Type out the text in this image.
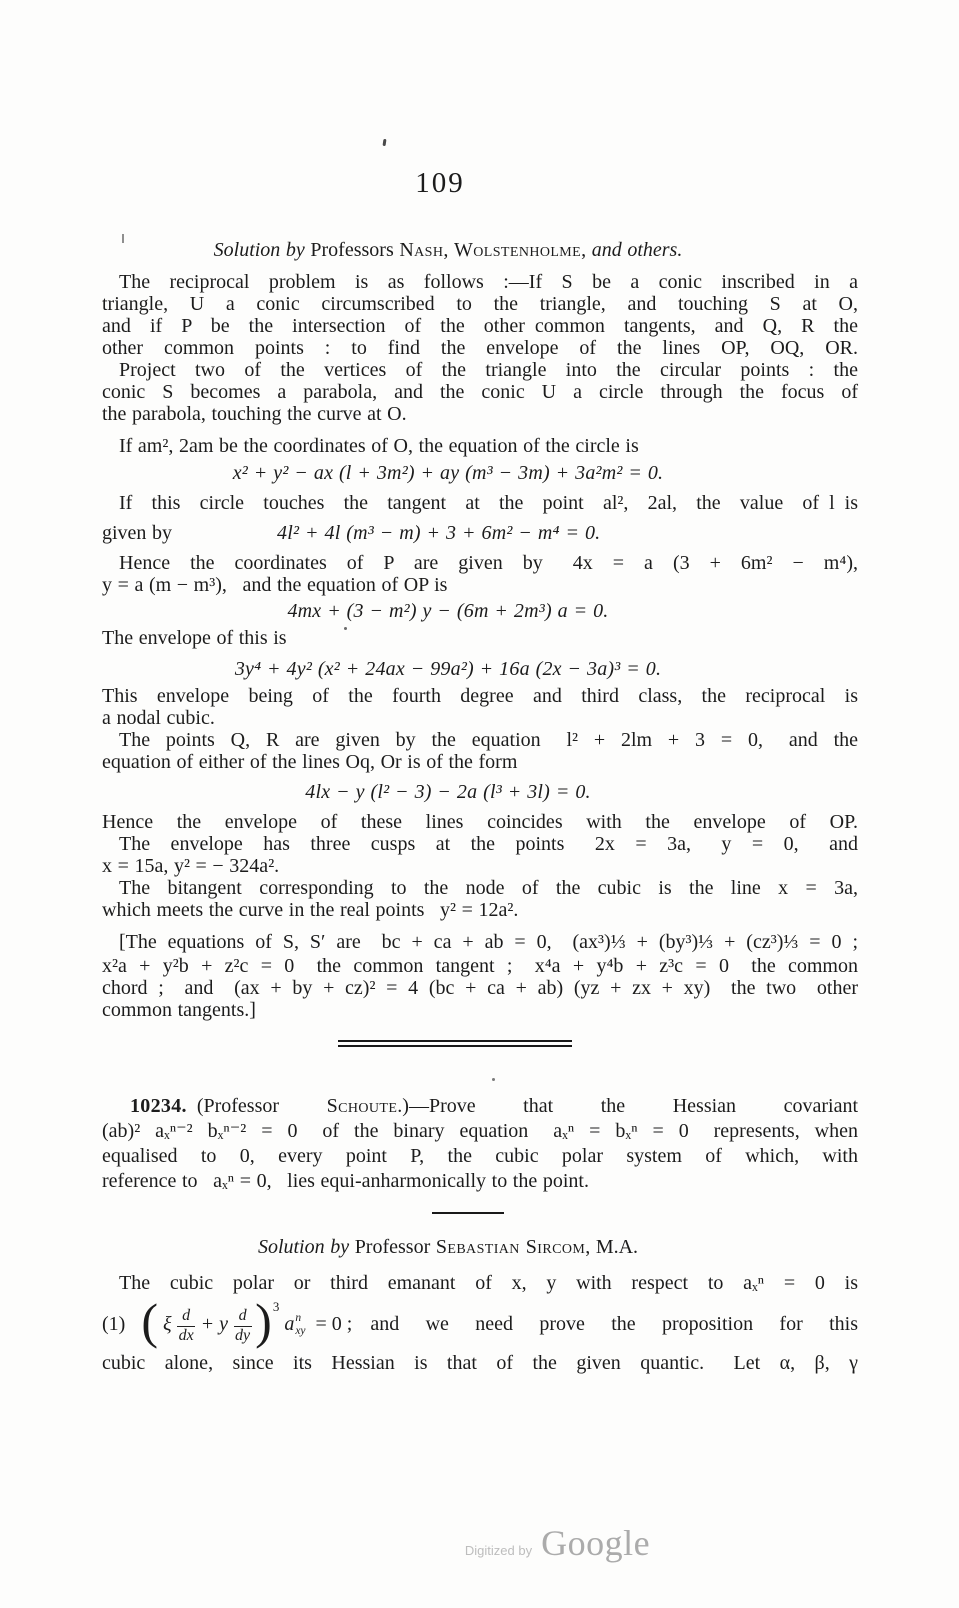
109
Solution by Professors Nash, Wolstenholme, and others.
The reciprocal problem is as follows :—If S be a conic inscribed in a
triangle, U a conic circumscribed to the triangle, and touching S at O,
and if P be the intersection of the other common tangents, and Q, R the
other common points : to find the envelope of the lines OP, OQ, OR.
Project two of the vertices of the triangle into the circular points : the
conic S becomes a parabola, and the conic U a circle through the focus of
the parabola, touching the curve at O.
If am², 2am be the coordinates of O, the equation of the circle is
x² + y² − ax (l + 3m²) + ay (m³ − 3m) + 3a²m² = 0.
If this circle touches the tangent at the point al², 2al, the value of l is
given by	4l² + 4l (m³ − m) + 3 + 6m² − m⁴ = 0.
Hence the coordinates of P are given by  4x = a (3 + 6m² − m⁴),
y = a (m − m³),  and the equation of OP is
4mx + (3 − m²) y − (6m + 2m³) a = 0.
The envelope of this is
3y⁴ + 4y² (x² + 24ax − 99a²) + 16a (2x − 3a)³ = 0.
This envelope being of the fourth degree and third class, the reciprocal is
a nodal cubic.
The points Q, R are given by the equation  l² + 2lm + 3 = 0,  and the
equation of either of the lines Oq, Or is of the form
4lx − y (l² − 3) − 2a (l³ + 3l) = 0.
Hence the envelope of these lines coincides with the envelope of OP.
The envelope has three cusps at the points  2x = 3a,  y = 0,  and
x = 15a, y² = − 324a².
The bitangent corresponding to the node of the cubic is the line x = 3a,
which meets the curve in the real points  y² = 12a².
[The equations of S, S′ are  bc + ca + ab = 0,  (ax³)⅓ + (by³)⅓ + (cz³)⅓ = 0 ;
x²a + y²b + z²c = 0  the common tangent ;  x⁴a + y⁴b + z³c = 0  the common
chord ;  and  (ax + by + cz)² = 4 (bc + ca + ab) (yz + zx + xy)  the two  other
common tangents.]
10234. (Professor Schoute.)—Prove that the Hessian covariant
(ab)² aₓⁿ⁻² bₓⁿ⁻² = 0  of the binary equation  aₓⁿ = bₓⁿ = 0  represents, when
equalised to 0, every point P, the cubic polar system of which, with
reference to  aₓⁿ = 0,  lies equi-anharmonically to the point.
Solution by Professor Sebastian Sircom, M.A.
The cubic polar or third emanant of x, y with respect to aₓⁿ = 0 is
(1) ( ξ $\frac{d}{dx} + y \frac{d}{dy}$ ) 3
a n
xy = 0 ; and we need prove the proposition for this
cubic alone, since its Hessian is that of the given quantic.  Let α, β, γ
Digitized by Google
